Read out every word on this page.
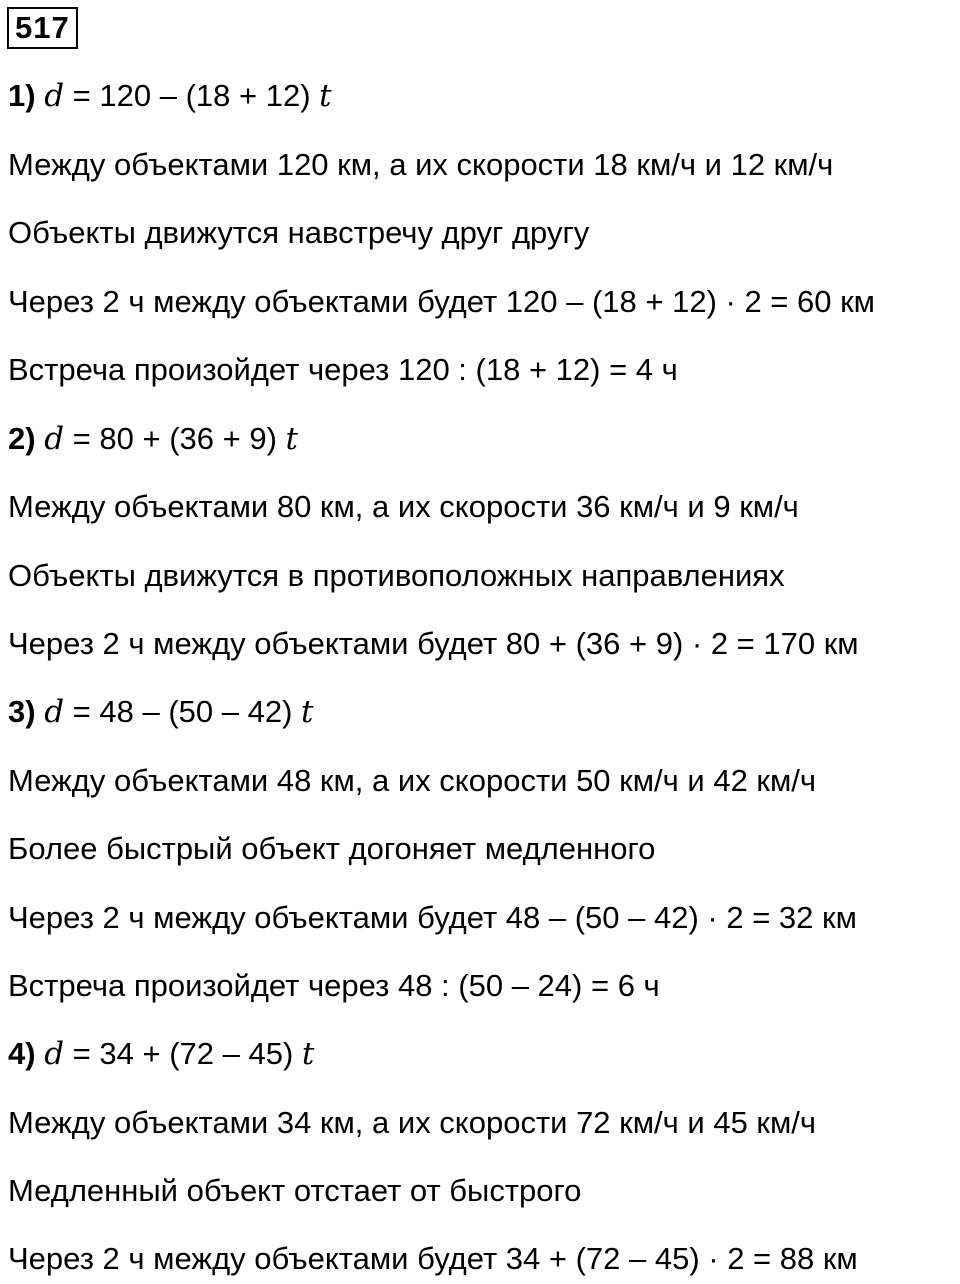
517
1) d = 120 – (18 + 12) t
Между объектами 120 км, а их скорости 18 км/ч и 12 км/ч
Объекты движутся навстречу друг другу
Через 2 ч между объектами будет 120 – (18 + 12) · 2 = 60 км
Встреча произойдет через 120 : (18 + 12) = 4 ч
2) d = 80 + (36 + 9) t
Между объектами 80 км, а их скорости 36 км/ч и 9 км/ч
Объекты движутся в противоположных направлениях
Через 2 ч между объектами будет 80 + (36 + 9) · 2 = 170 км
3) d = 48 – (50 – 42) t
Между объектами 48 км, а их скорости 50 км/ч и 42 км/ч
Более быстрый объект догоняет медленного
Через 2 ч между объектами будет 48 – (50 – 42) · 2 = 32 км
Встреча произойдет через 48 : (50 – 24) = 6 ч
4) d = 34 + (72 – 45) t
Между объектами 34 км, а их скорости 72 км/ч и 45 км/ч
Медленный объект отстает от быстрого
Через 2 ч между объектами будет 34 + (72 – 45) · 2 = 88 км
